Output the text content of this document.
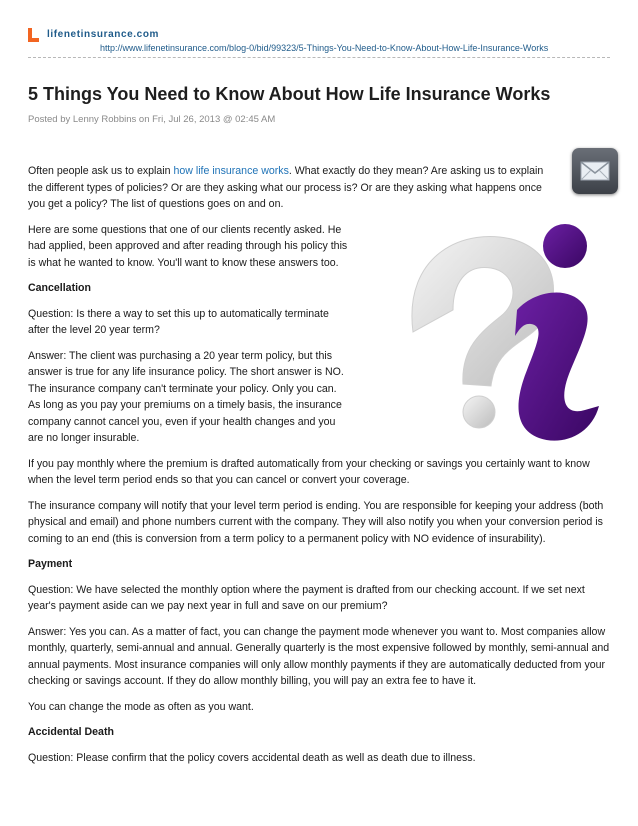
lifenetinsurance.com
http://www.lifenetinsurance.com/blog-0/bid/99323/5-Things-You-Need-to-Know-About-How-Life-Insurance-Works
5 Things You Need to Know About How Life Insurance Works
Posted by Lenny Robbins on Fri, Jul 26, 2013 @ 02:45 AM

Often people ask us to explain how life insurance works. What exactly do they mean? Are asking us to explain the different types of policies? Or are they asking what our process is? Or are they asking what happens once you get a policy? The list of questions goes on and on.

Here are some questions that one of our clients recently asked. He had applied, been approved and after reading through his policy this is what he wanted to know. You'll want to know these answers too.

Cancellation

Question: Is there a way to set this up to automatically terminate after the level 20 year term?

Answer: The client was purchasing a 20 year term policy, but this answer is true for any life insurance policy. The short answer is NO. The insurance company can't terminate your policy. Only you can. As long as you pay your premiums on a timely basis, the insurance company cannot cancel you, even if your health changes and you are no longer insurable.

If you pay monthly where the premium is drafted automatically from your checking or savings you certainly want to know when the level term period ends so that you can cancel or convert your coverage.

The insurance company will notify that your level term period is ending. You are responsible for keeping your address (both physical and email) and phone numbers current with the company. They will also notify you when your conversion period is coming to an end (this is conversion from a term policy to a permanent policy with NO evidence of insurability).

Payment

Question: We have selected the monthly option where the payment is drafted from our checking account. If we set next year's payment aside can we pay next year in full and save on our premium?

Answer: Yes you can. As a matter of fact, you can change the payment mode whenever you want to. Most companies allow monthly, quarterly, semi-annual and annual. Generally quarterly is the most expensive followed by monthly, semi-annual and annual payments. Most insurance companies will only allow monthly payments if they are automatically deducted from your checking or savings account. If they do allow monthly billing, you will pay an extra fee to have it.

You can change the mode as often as you want.

Accidental Death

Question: Please confirm that the policy covers accidental death as well as death due to illness.
